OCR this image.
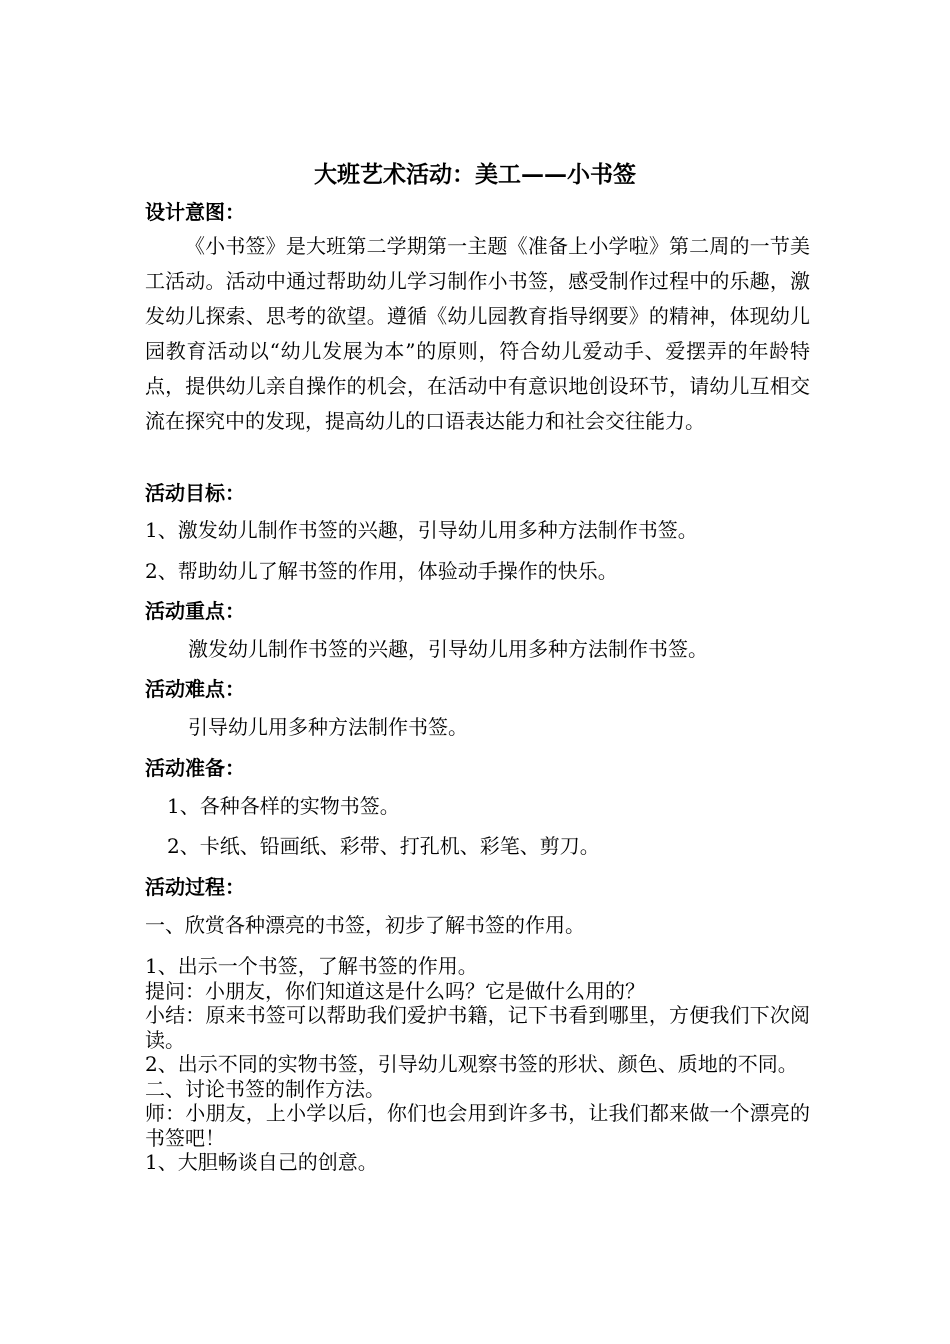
大班艺术活动：美工——小书签
设计意图：
《小书签》是大班第二学期第一主题《准备上小学啦》第二周的一节美工活动。活动中通过帮助幼儿学习制作小书签，感受制作过程中的乐趣，激发幼儿探索、思考的欲望。遵循《幼儿园教育指导纲要》的精神，体现幼儿园教育活动以“幼儿发展为本”的原则，符合幼儿爱动手、爱摆弄的年龄特点，提供幼儿亲自操作的机会，在活动中有意识地创设环节，请幼儿互相交流在探究中的发现，提高幼儿的口语表达能力和社会交往能力。
活动目标：
1、激发幼儿制作书签的兴趣，引导幼儿用多种方法制作书签。
2、帮助幼儿了解书签的作用，体验动手操作的快乐。
活动重点：
激发幼儿制作书签的兴趣，引导幼儿用多种方法制作书签。
活动难点：
引导幼儿用多种方法制作书签。
活动准备：
1、各种各样的实物书签。
2、卡纸、铅画纸、彩带、打孔机、彩笔、剪刀。
活动过程：
一、欣赏各种漂亮的书签，初步了解书签的作用。
1、出示一个书签，了解书签的作用。
提问：小朋友，你们知道这是什么吗？它是做什么用的？
小结：原来书签可以帮助我们爱护书籍，记下书看到哪里，方便我们下次阅读。
2、出示不同的实物书签，引导幼儿观察书签的形状、颜色、质地的不同。
二、讨论书签的制作方法。
师：小朋友，上小学以后，你们也会用到许多书，让我们都来做一个漂亮的书签吧！
1、大胆畅谈自己的创意。
